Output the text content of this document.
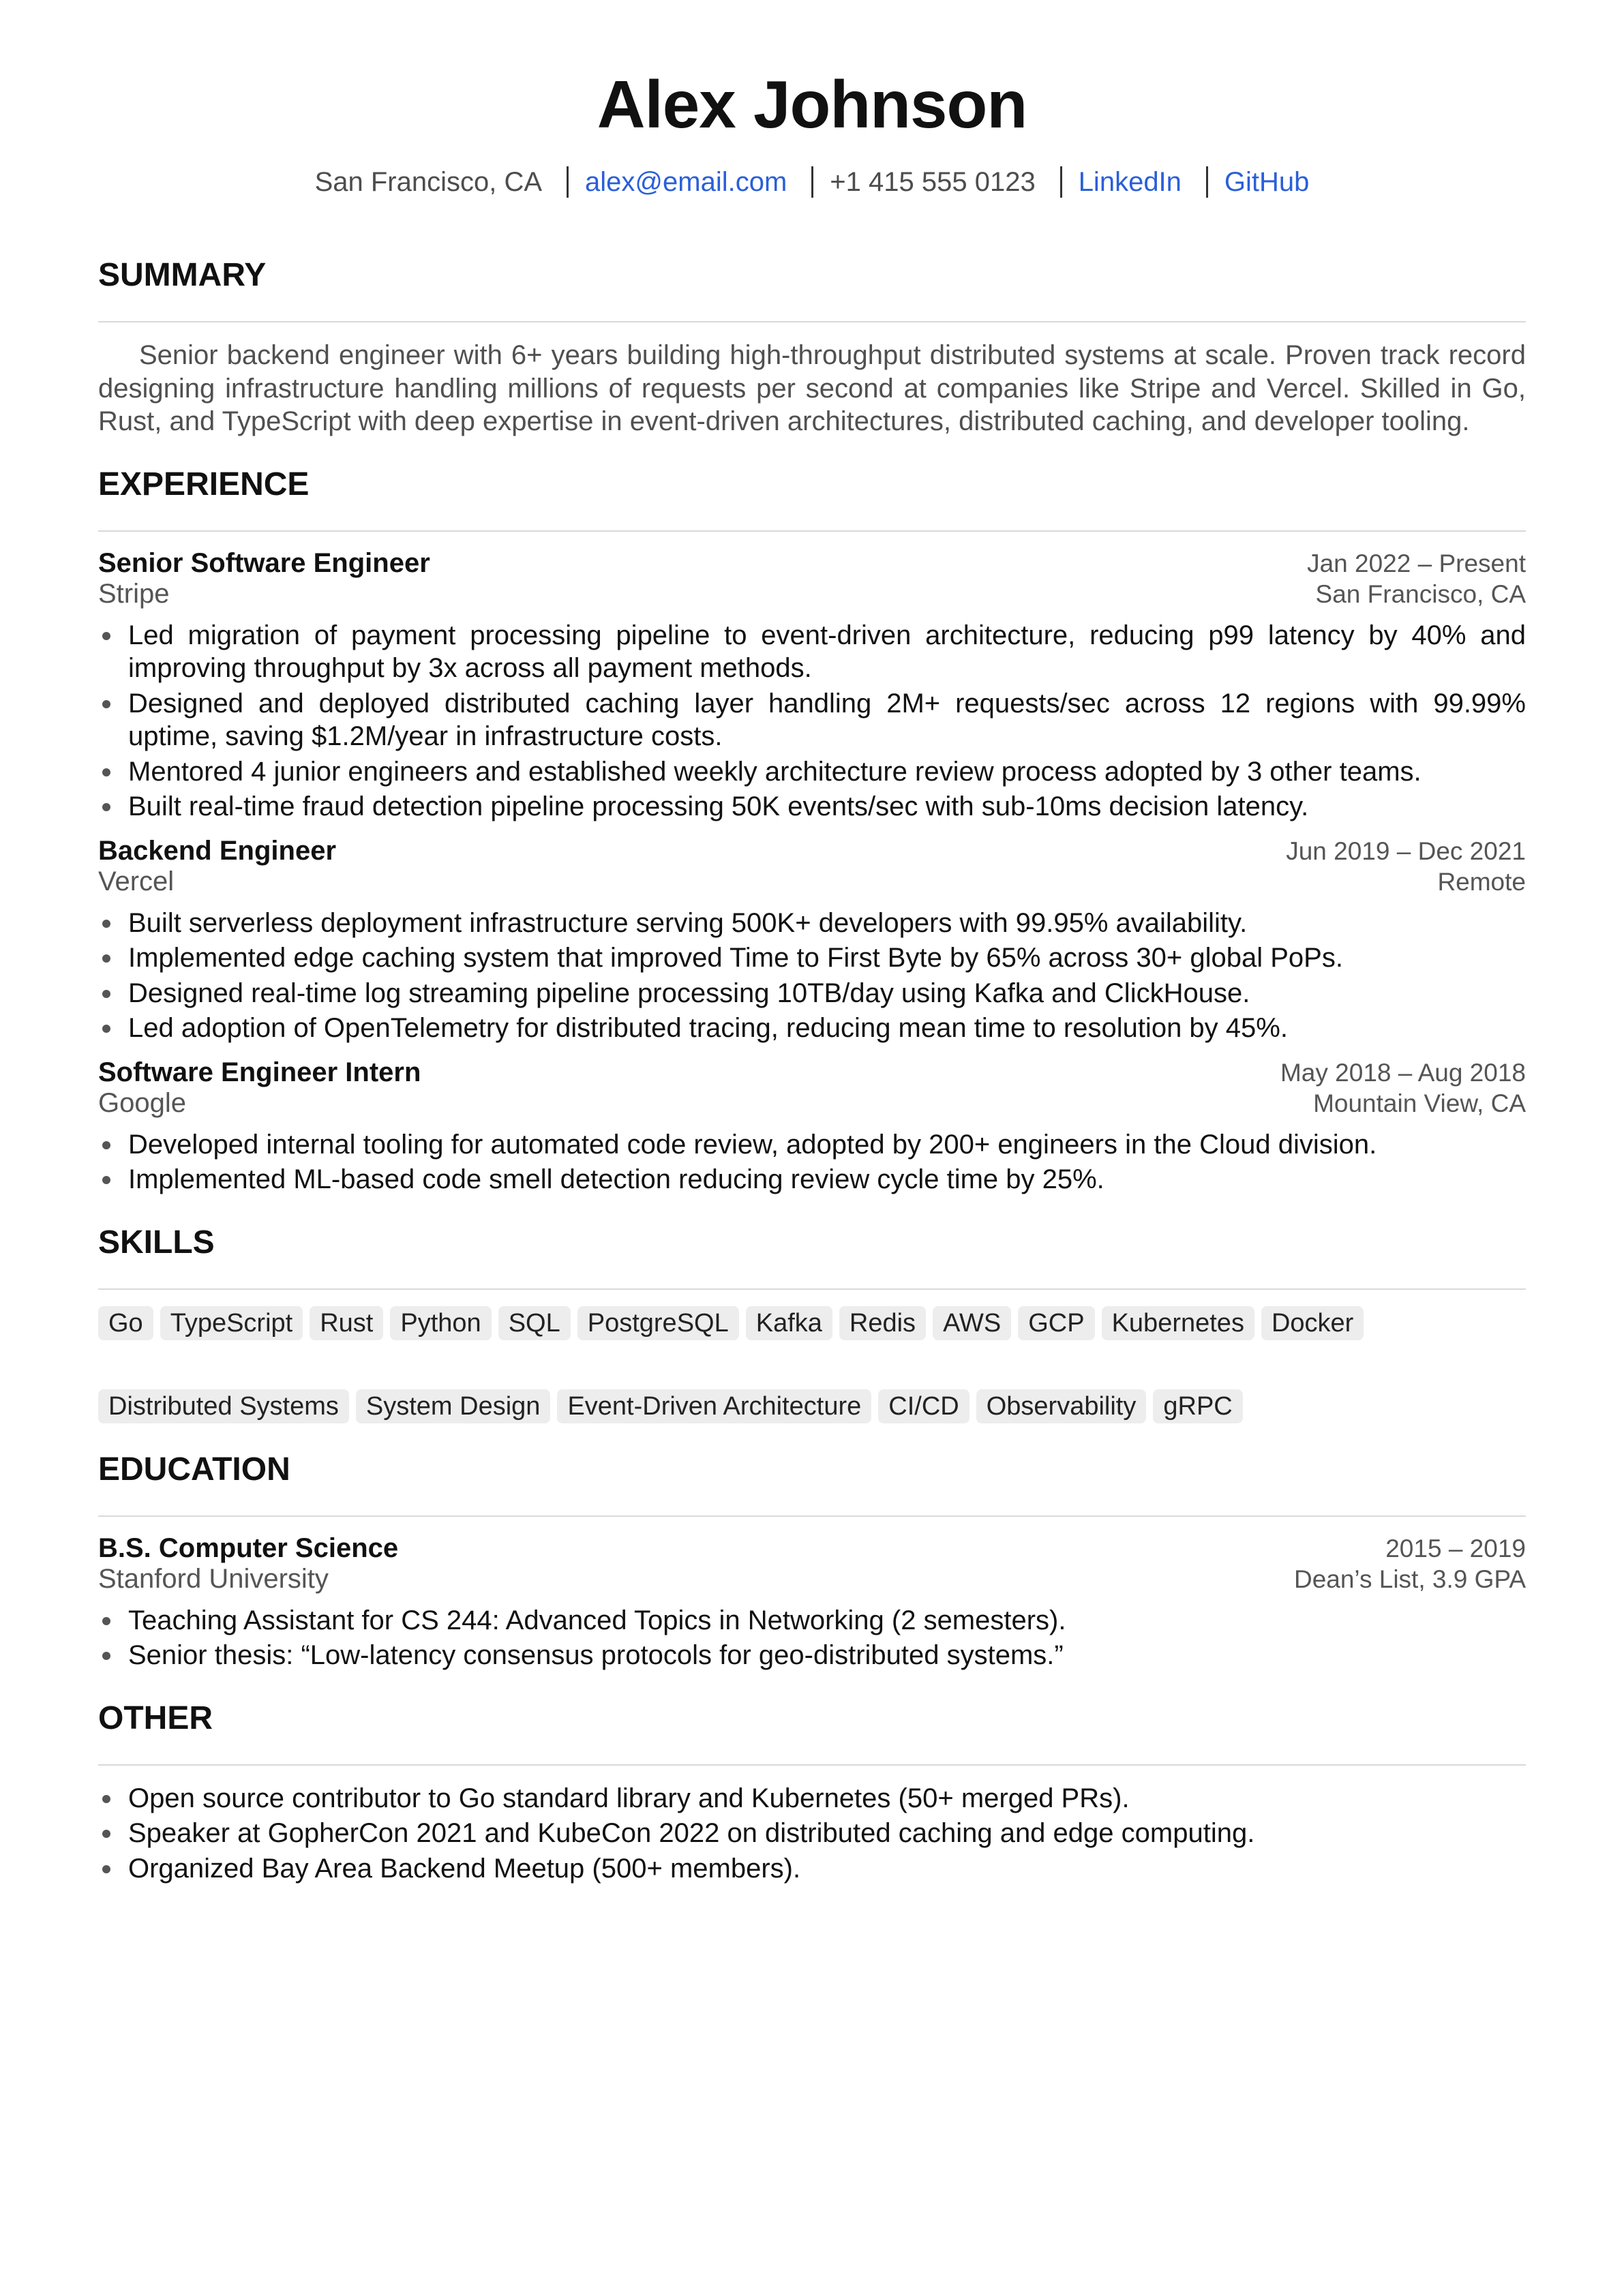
Alex Johnson
San Francisco, CA alex@email.com +1 415 555 0123 LinkedIn GitHub
SUMMARY

Senior backend engineer with 6+ years building high-throughput distributed systems at scale. Proven track record designing infrastructure handling millions of requests per second at companies like Stripe and Vercel. Skilled in Go, Rust, and TypeScript with deep expertise in event-driven architectures, distributed caching, and developer tooling.

EXPERIENCE
Senior Software Engineer	Jan 2022 – Present
Stripe	San Francisco, CA
Led migration of payment processing pipeline to event-driven architecture, reducing p99 latency by 40% and improving throughput by 3x across all payment methods.
Designed and deployed distributed caching layer handling 2M+ requests/sec across 12 regions with 99.99% uptime, saving $1.2M/year in infrastructure costs.
Mentored 4 junior engineers and established weekly architecture review process adopted by 3 other teams.
Built real-time fraud detection pipeline processing 50K events/sec with sub-10ms decision latency.
Backend Engineer	Jun 2019 – Dec 2021
Vercel	Remote
Built serverless deployment infrastructure serving 500K+ developers with 99.95% availability.
Implemented edge caching system that improved Time to First Byte by 65% across 30+ global PoPs.
Designed real-time log streaming pipeline processing 10TB/day using Kafka and ClickHouse.
Led adoption of OpenTelemetry for distributed tracing, reducing mean time to resolution by 45%.
Software Engineer Intern	May 2018 – Aug 2018
Google	Mountain View, CA
Developed internal tooling for automated code review, adopted by 200+ engineers in the Cloud division.
Implemented ML-based code smell detection reducing review cycle time by 25%.
SKILLS
Go	TypeScript	Rust	Python	SQL	PostgreSQL	Kafka	Redis	AWS	GCP	Kubernetes	Docker
Distributed Systems	System Design	Event-Driven Architecture	CI/CD	Observability	gRPC
EDUCATION
B.S. Computer Science	2015 – 2019
Stanford University	Dean’s List, 3.9 GPA
Teaching Assistant for CS 244: Advanced Topics in Networking (2 semesters).
Senior thesis: “Low-latency consensus protocols for geo-distributed systems.”
OTHER
Open source contributor to Go standard library and Kubernetes (50+ merged PRs).
Speaker at GopherCon 2021 and KubeCon 2022 on distributed caching and edge computing.
Organized Bay Area Backend Meetup (500+ members).
